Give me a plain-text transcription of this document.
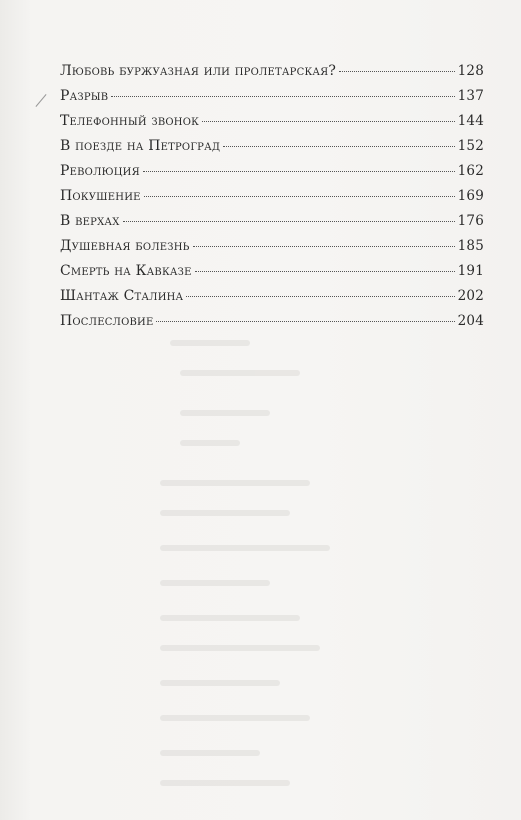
Любовь буржуазная или пролетарская?	128
Разрыв	137
Телефонный звонок	144
В поезде на Петроград	152
Революция	162
Покушение	169
В верхах	176
Душевная болезнь	185
Смерть на Кавказе	191
Шантаж Сталина	202
Послесловие	204
